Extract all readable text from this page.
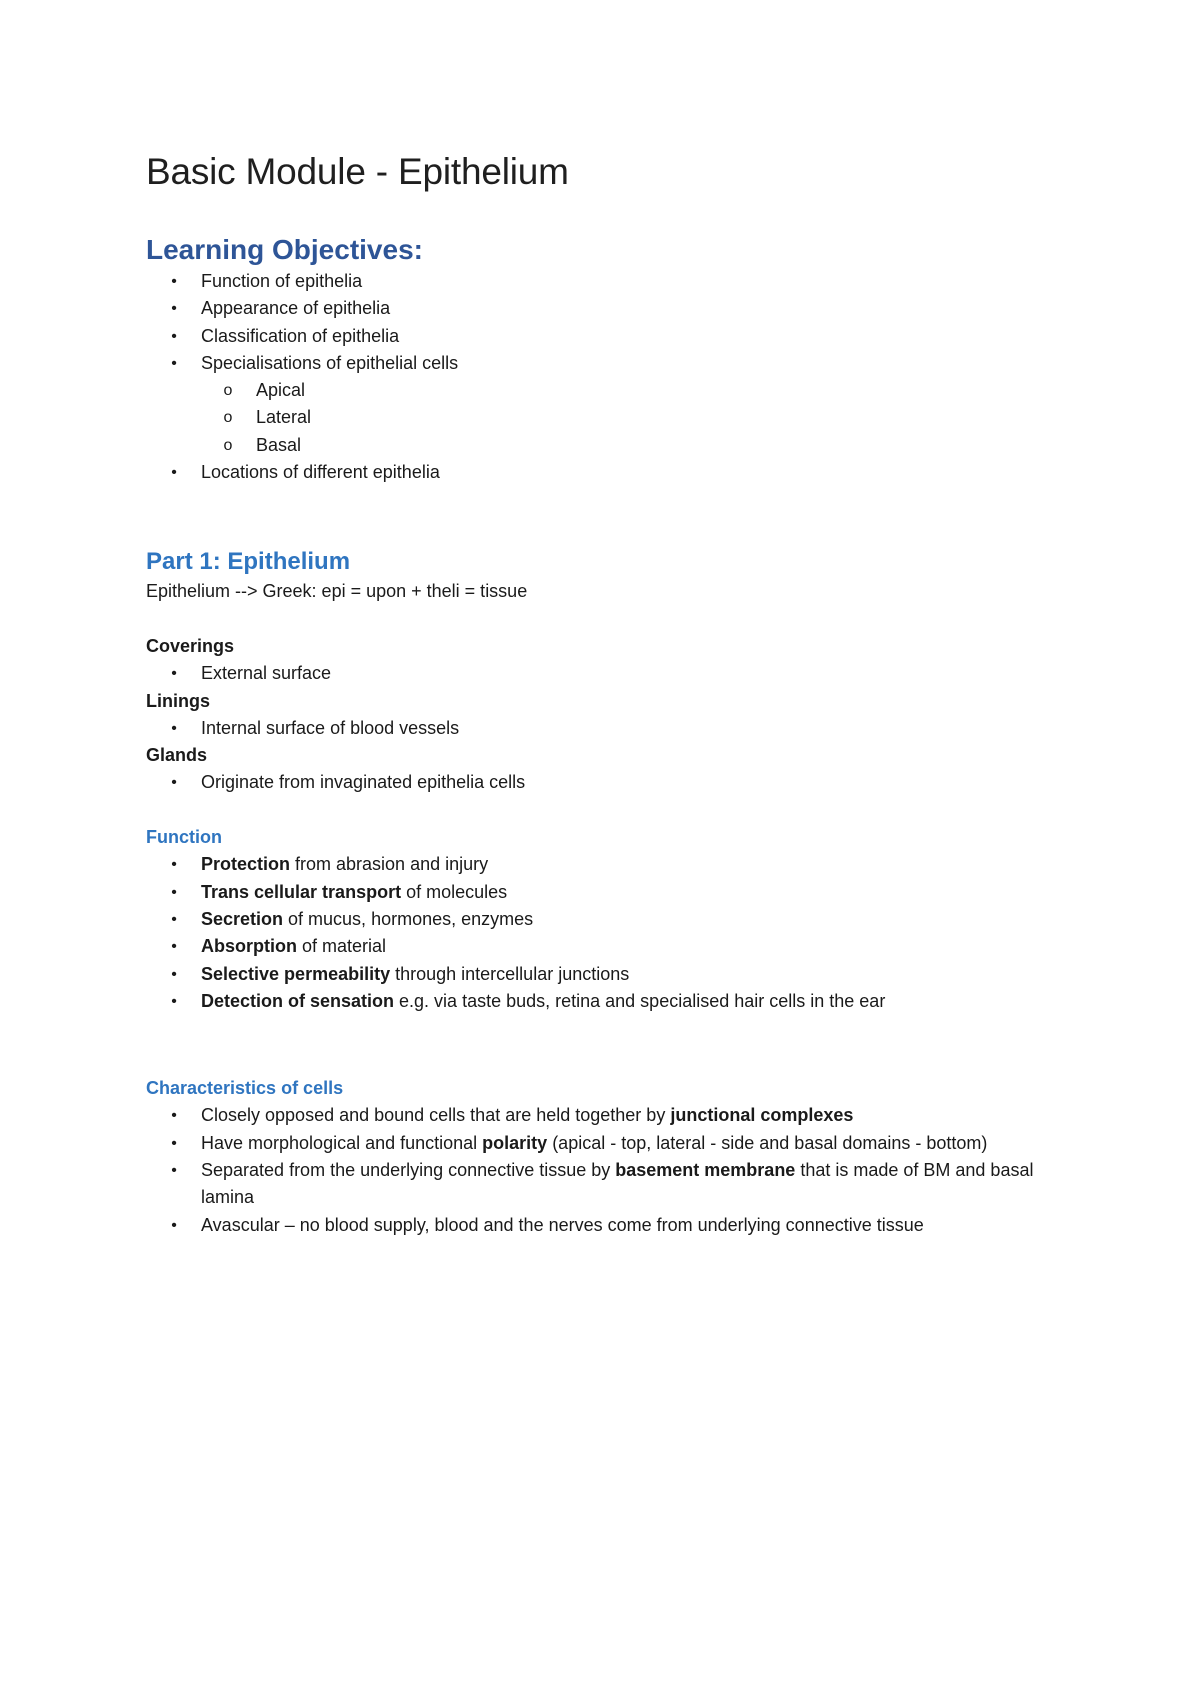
Basic Module - Epithelium
Learning Objectives:
•	Function of epithelia
•	Appearance of epithelia
•	Classification of epithelia
•	Specialisations of epithelial cells
o	Apical
o	Lateral
o	Basal
•	Locations of different epithelia
Part 1: Epithelium

Epithelium --> Greek: epi = upon + theli = tissue

Coverings

•	External surface

Linings

•	Internal surface of blood vessels

Glands

•	Originate from invaginated epithelia cells
Function
•	Protection from abrasion and injury
•	Trans cellular transport of molecules
•	Secretion of mucus, hormones, enzymes
•	Absorption of material
•	Selective permeability through intercellular junctions
•	Detection of sensation e.g. via taste buds, retina and specialised hair cells in the ear
Characteristics of cells
•	Closely opposed and bound cells that are held together by junctional complexes
•	Have morphological and functional polarity (apical - top, lateral - side and basal domains - bottom)
•	Separated from the underlying connective tissue by basement membrane that is made of BM and basal lamina
•	Avascular – no blood supply, blood and the nerves come from underlying connective tissue
